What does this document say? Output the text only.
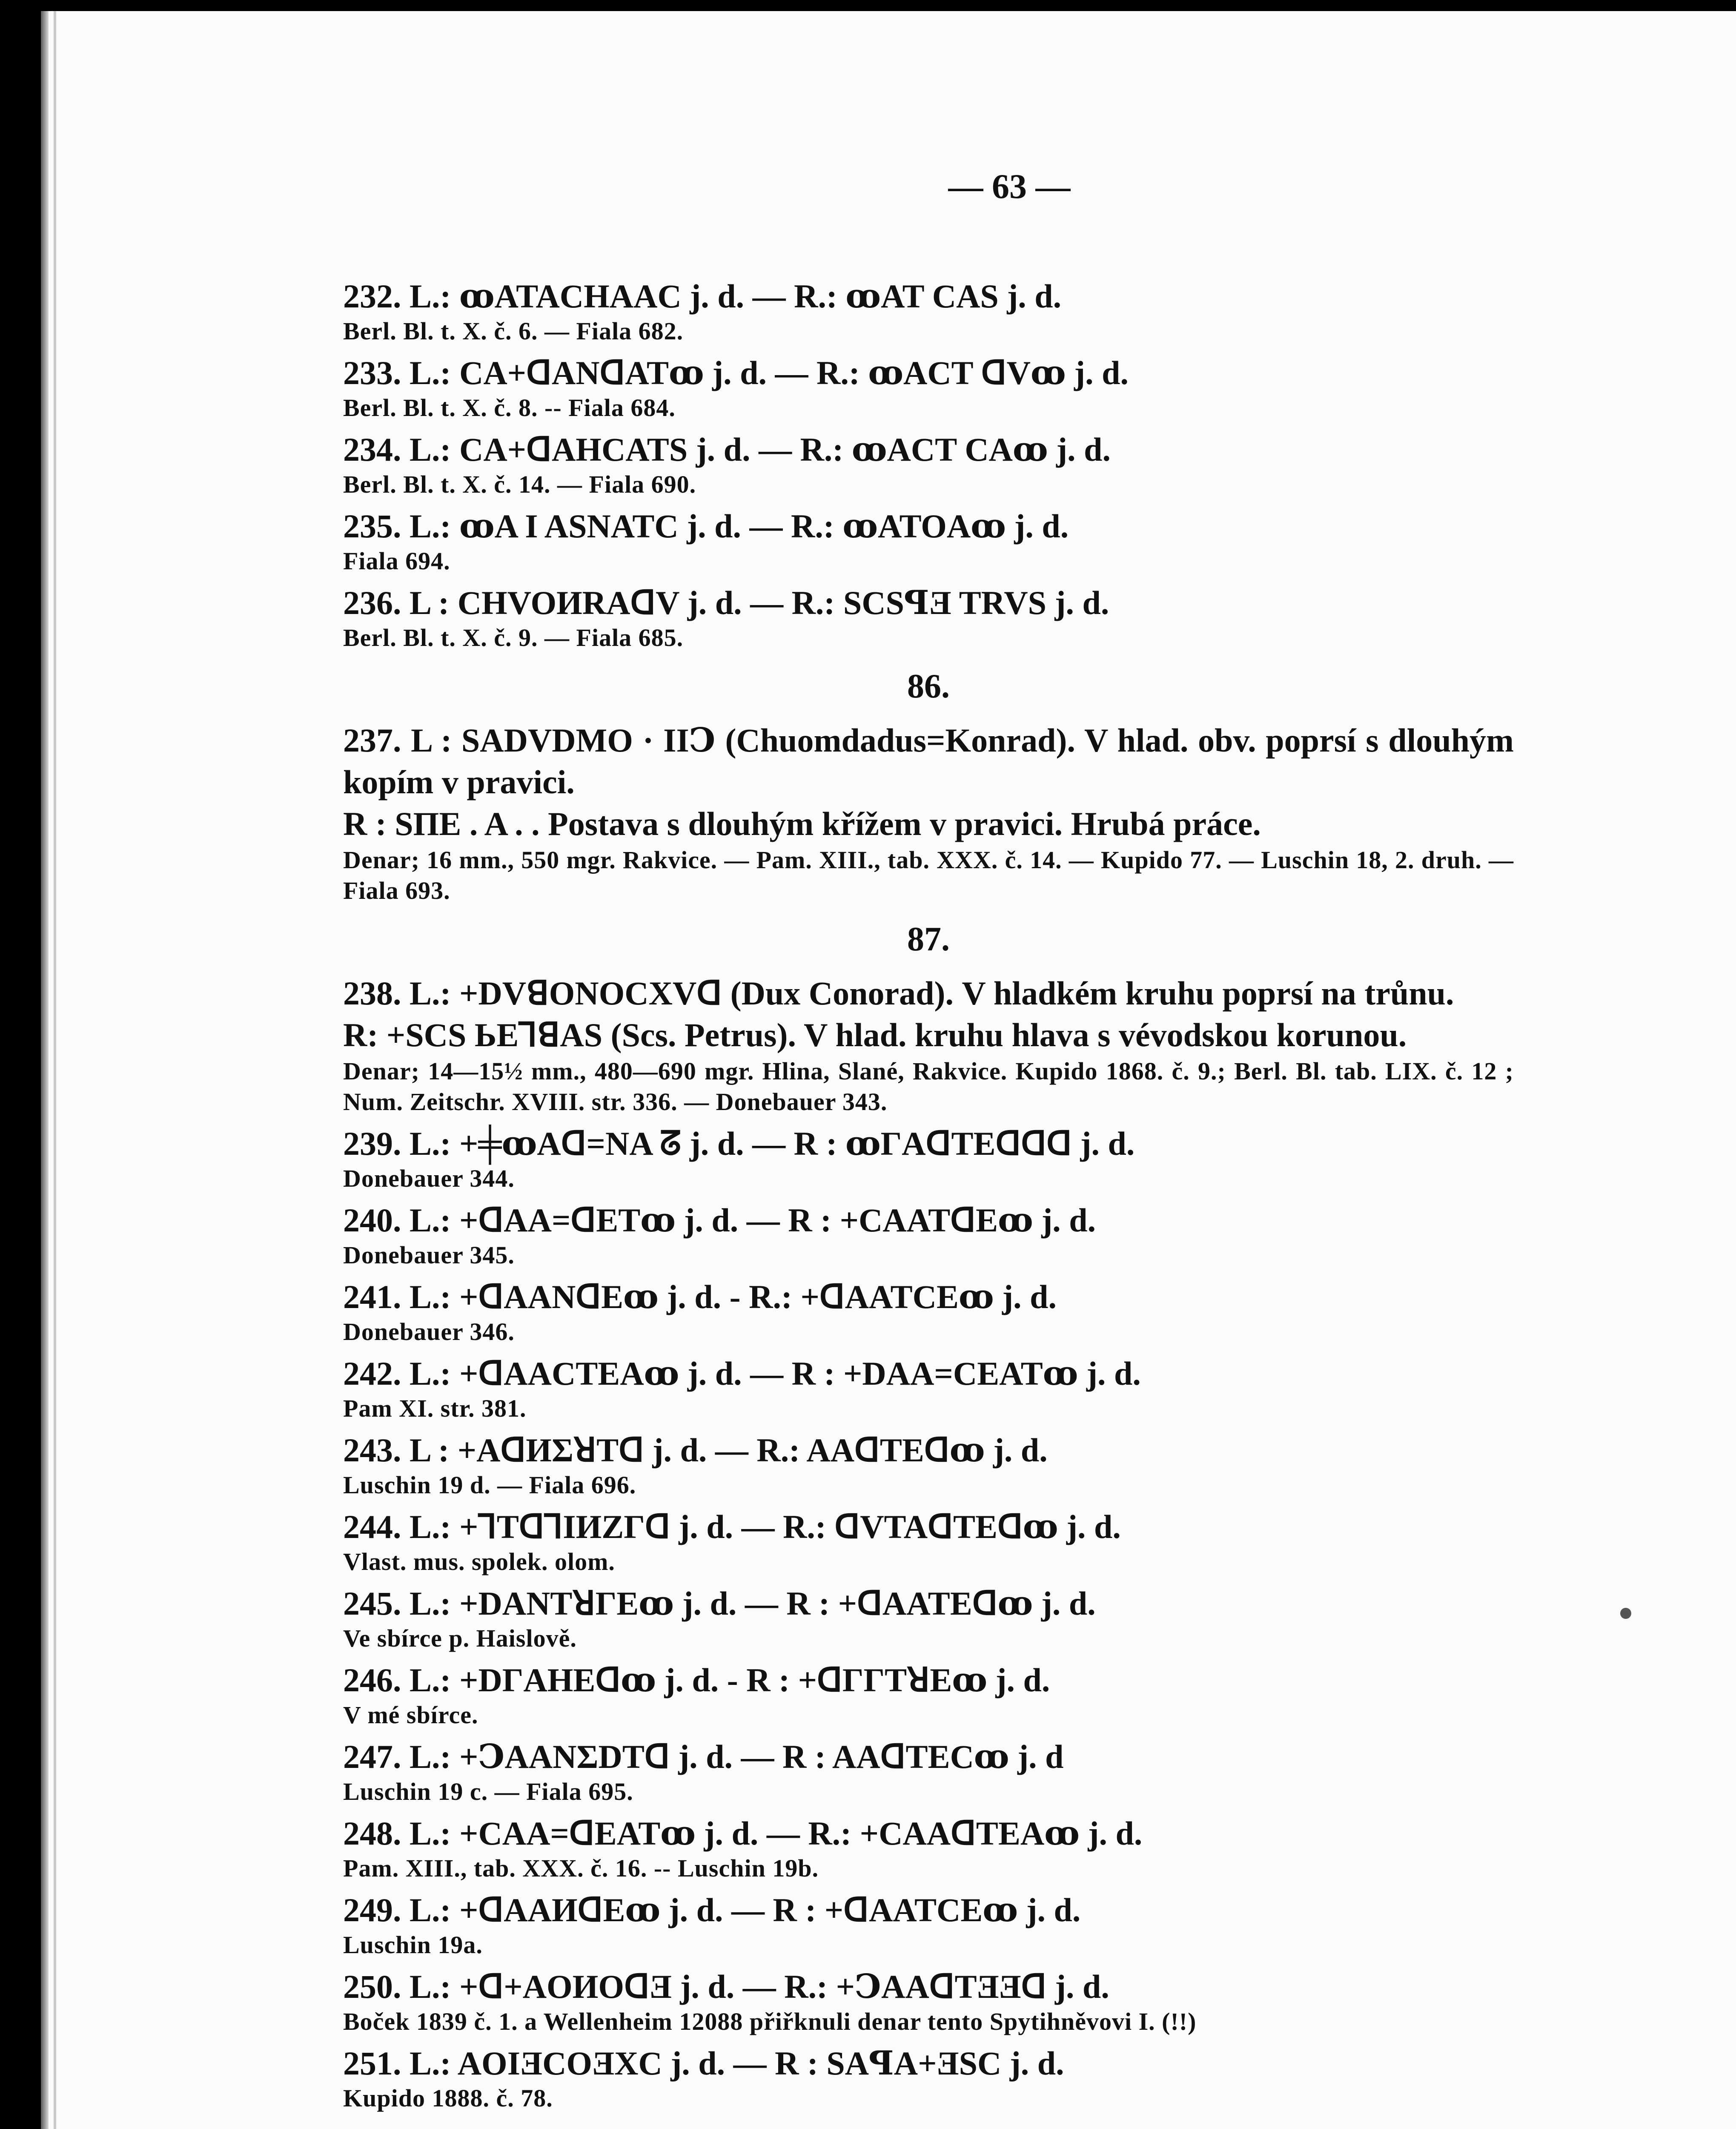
— 63 —
232. L.: ꝏATACHAAC j. d. — R.: ꝏAT CAS j. d.
Berl. Bl. t. X. č. 6. — Fiala 682.
233. L.: CA+ᗡANᗡATꝏ j. d. — R.: ꝏACT ᗡVꝏ j. d.
Berl. Bl. t. X. č. 8. -- Fiala 684.
234. L.: CA+ᗡAHCATS j. d. — R.: ꝏACT CAꝏ j. d.
Berl. Bl. t. X. č. 14. — Fiala 690.
235. L.: ꝏA I ASNATC j. d. — R.: ꝏATOAꝏ j. d.
Fiala 694.
236. L : CHVOИRAᗡV j. d. — R.: SCSꟼƎ TRVS j. d.
Berl. Bl. t. X. č. 9. — Fiala 685.
86.
237. L : SADVDMO · IIↃ (Chuomdadus=Konrad). V hlad. obv. poprsí s dlouhým kopím v pravici.
R : SΠE . A . . Postava s dlouhým křížem v pravici. Hrubá práce.
Denar; 16 mm., 550 mgr. Rakvice. — Pam. XIII., tab. XXX. č. 14. — Kupido 77. — Luschin 18, 2. druh. — Fiala 693.
87.
238. L.: +DVꓭONOCXVᗡ (Dux Conorad). V hladkém kruhu poprsí na trůnu.
R: +SCS ЬEꓶꓭAS (Scs. Petrus). V hlad. kruhu hlava s vévodskou korunou.
Denar; 14—15½ mm., 480—690 mgr. Hlina, Slané, Rakvice. Kupido 1868. č. 9.; Berl. Bl. tab. LIX. č. 12 ; Num. Zeitschr. XVIII. str. 336. — Donebauer 343.
239. L.: +╪ꝏAᗡ=NA ᘔ j. d. — R : ꝏΓAᗡTEᗡᗡᗡ j. d.
Donebauer 344.
240. L.: +ᗡAA=ᗡETꝏ j. d. — R : +CAATᗡEꝏ j. d.
Donebauer 345.
241. L.: +ᗡAANᗡEꝏ j. d. - R.: +ᗡAATCEꝏ j. d.
Donebauer 346.
242. L.: +ᗡAACTEAꝏ j. d. — R : +DAA=CEATꝏ j. d.
Pam XI. str. 381.
243. L : +AᗡИΣꓤTᗡ j. d. — R.: AAᗡTEᗡꝏ j. d.
Luschin 19 d. — Fiala 696.
244. L.: +ꓶTᗡꓶIИZΓᗡ j. d. — R.: ᗡVTAᗡTEᗡꝏ j. d.
Vlast. mus. spolek. olom.
245. L.: +DANTꓤΓEꝏ j. d. — R : +ᗡAATEᗡꝏ j. d.
Ve sbírce p. Haislově.
246. L.: +DΓAHEᗡꝏ j. d. - R : +ᗡΓΓTꓤEꝏ j. d.
V mé sbírce.
247. L.: +ↃAANΣDTᗡ j. d. — R : AAᗡTECꝏ j. d
Luschin 19 c. — Fiala 695.
248. L.: +CAA=ᗡEATꝏ j. d. — R.: +CAAᗡTEAꝏ j. d.
Pam. XIII., tab. XXX. č. 16. -- Luschin 19b.
249. L.: +ᗡAAИᗡEꝏ j. d. — R : +ᗡAATCEꝏ j. d.
Luschin 19a.
250. L.: +ᗡ+AOИOᗡƎ j. d. — R.: +ↃAAᗡTƎƎᗡ j. d.
Boček 1839 č. 1. a Wellenheim 12088 přiřknuli denar tento Spytihněvovi I. (!!)
251. L.: AOIƎCOƎXC j. d. — R : SAꟼA+ƎSC j. d.
Kupido 1888. č. 78.
